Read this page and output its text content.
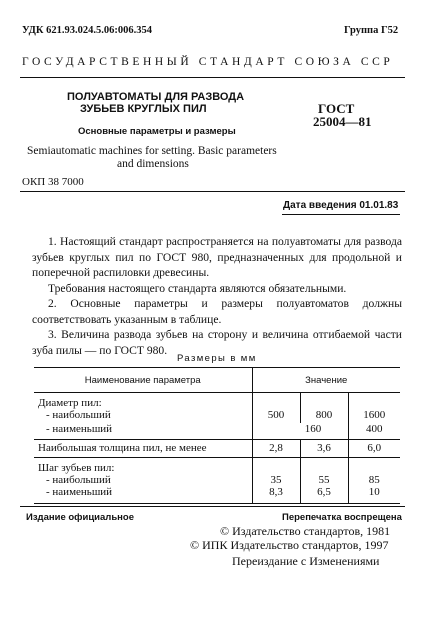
УДК 621.93.024.5.06:006.354	Группа Г52
ГОСУДАРСТВЕННЫЙ СТАНДАРТ СОЮЗА ССР
ПОЛУАВТОМАТЫ ДЛЯ РАЗВОДА
ЗУБЬЕВ КРУГЛЫХ ПИЛ	ГОСТ
25004—81
Основные параметры и размеры
Semiautomatic machines for setting. Basic parameters
and dimensions
ОКП 38 7000
Дата введения 01.01.83
1. Настоящий стандарт распространяется на полуавтоматы для развода зубьев круглых пил по ГОСТ 980, предназначенных для продольной и поперечной распиловки древесины.
Требования настоящего стандарта являются обязательными.
2. Основные параметры и размеры полуавтоматов должны соответствовать указанным в таблице.
3. Величина развода зубьев на сторону и величина отгибаемой части зуба пилы — по ГОСТ 980.
Размеры в мм
Наименование параметра	Значение		
Диаметр пил:			
- наибольший	500	800	1600
- наименьший	160		400
Наибольшая толщина пил, не менее	2,8	3,6	6,0
Шаг зубьев пил:			
- наибольший	35	55	85
- наименьший	8,3	6,5	10
Издание официальное	Перепечатка воспрещена
© Издательство стандартов, 1981
© ИПК Издательство стандартов, 1997
Переиздание с Изменениями
